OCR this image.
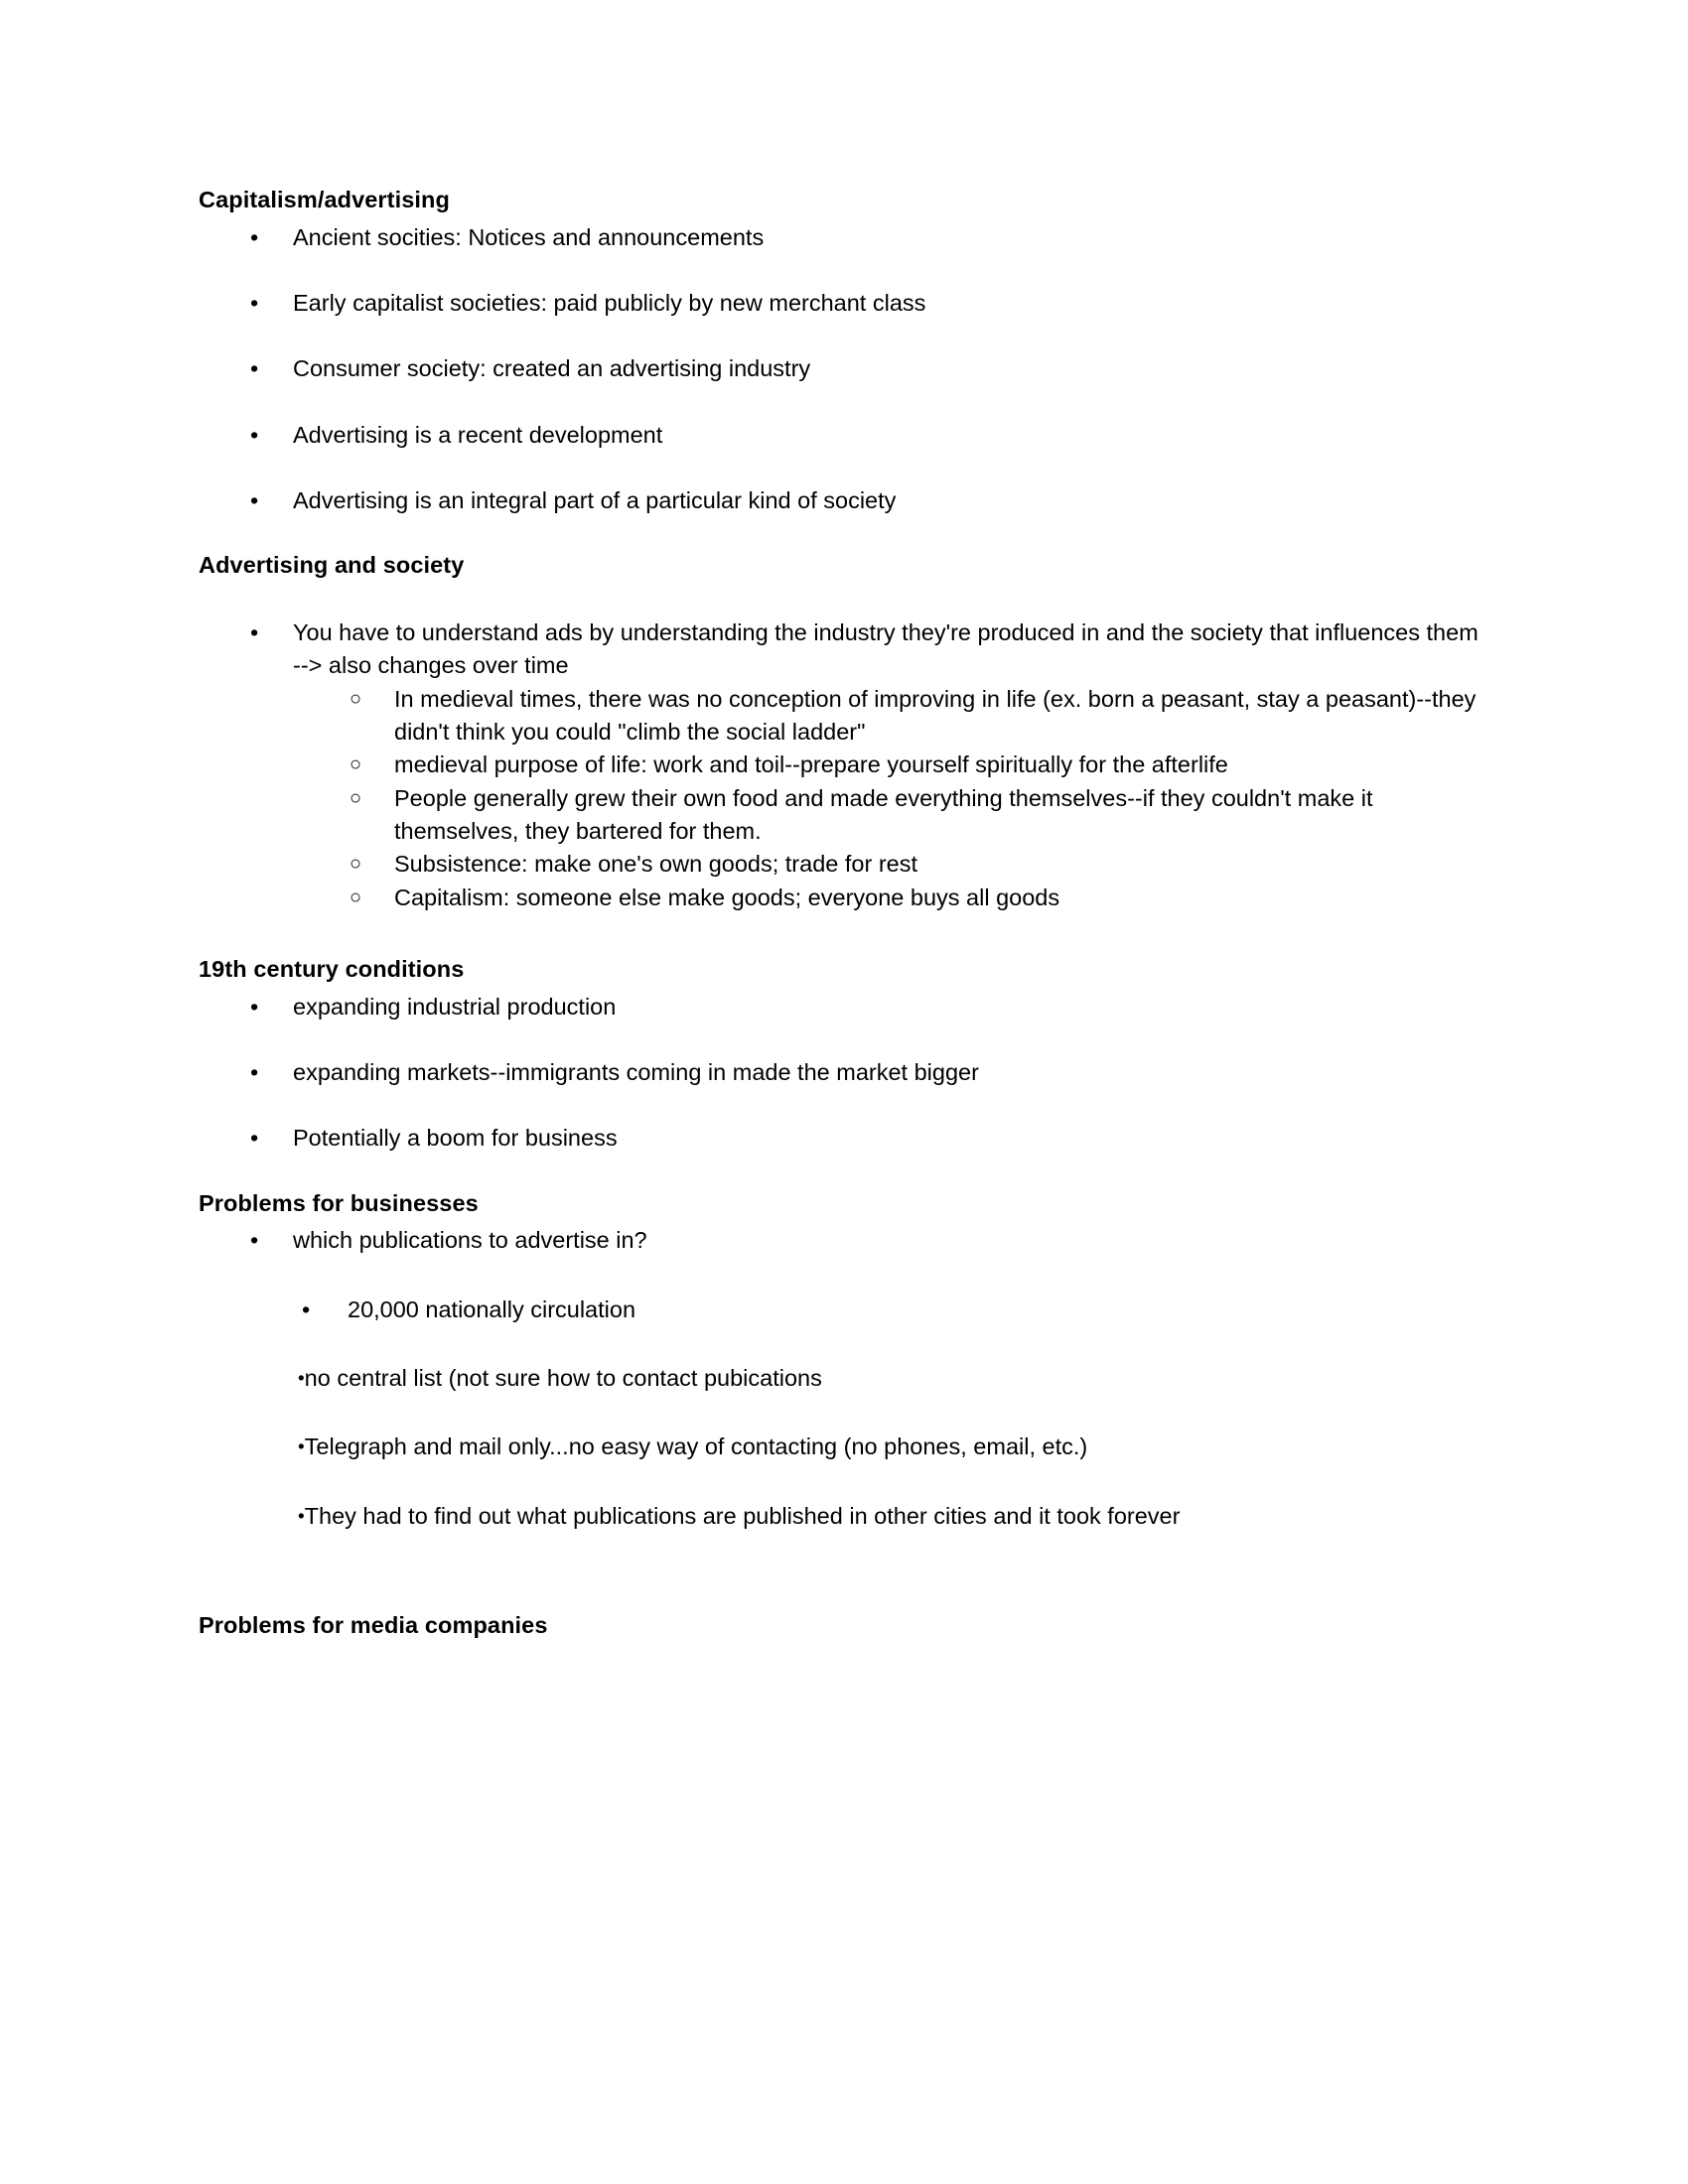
Capitalism/advertising
•	Ancient socities: Notices and announcements
•	Early capitalist societies: paid publicly by new merchant class
•	Consumer society: created an advertising industry
•	Advertising is a recent development
•	Advertising is an integral part of a particular kind of society
Advertising and society
•	You have to understand ads by understanding the industry they're produced in and the society that influences them --> also changes over time
○	In medieval times, there was no conception of improving in life (ex. born a peasant, stay a peasant)--they didn't think you could "climb the social ladder"
○	medieval purpose of life: work and toil--prepare yourself spiritually for the afterlife
○	People generally grew their own food and made everything themselves--if they couldn't make it themselves, they bartered for them.
○	Subsistence: make one's own goods; trade for rest
○	Capitalism: someone else make goods; everyone buys all goods
19th century conditions
•	expanding industrial production
•	expanding markets--immigrants coming in made the market bigger
•	Potentially a boom for business
Problems for businesses
•	which publications to advertise in?
•	20,000 nationally circulation
•no central list (not sure how to contact pubications
•Telegraph and mail only...no easy way of contacting (no phones, email, etc.)
•They had to find out what publications are published in other cities and it took forever
Problems for media companies
